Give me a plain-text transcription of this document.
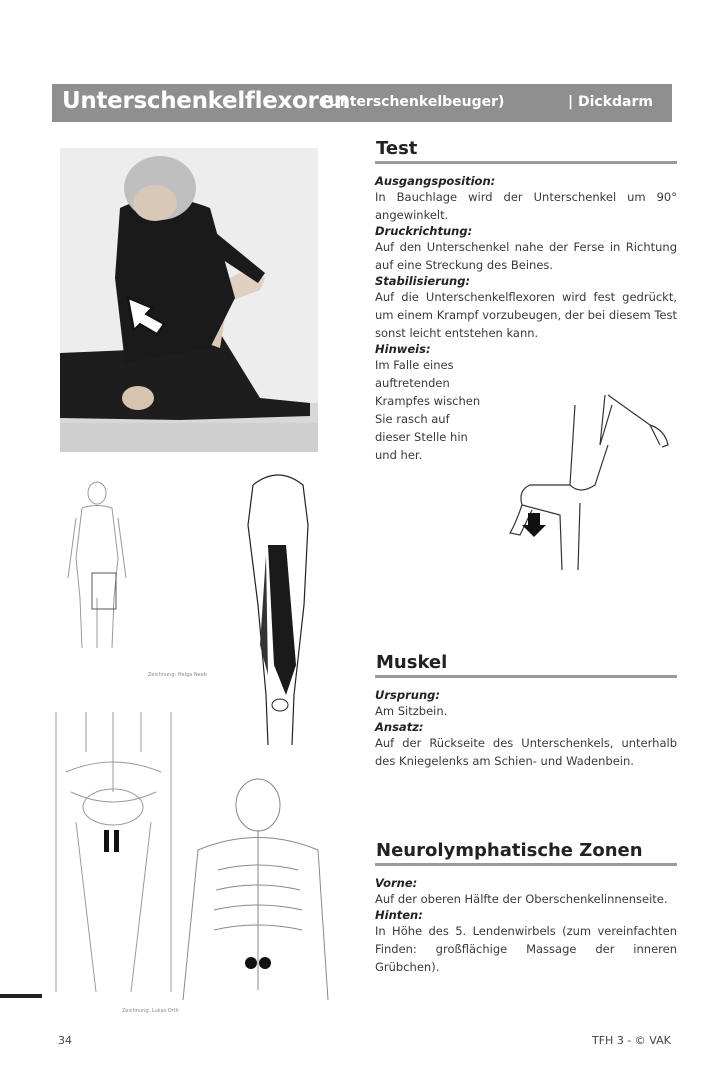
Unterschenkelflexoren
(Unterschenkelbeuger)	| Dickdarm
Test
Ausgangsposition:
In Bauchlage wird der Unterschenkel um 90° angewinkelt.
Druckrichtung:
Auf den Unterschenkel nahe der Ferse in Richtung auf eine Streckung des Beines.
Stabilisierung:
Auf die Unterschenkelflexoren wird fest gedrückt, um einem Krampf vorzubeugen, der bei diesem Test sonst leicht entstehen kann.
Hinweis:
Im Falle eines
auftretenden
Krampfes wischen
Sie rasch auf
dieser Stelle hin
und her.
Zeichnung: Helga Neeb
Zeichnung: Lukas Orth
Muskel
Ursprung:
Am Sitzbein.
Ansatz:
Auf der Rückseite des Unterschenkels, unterhalb des Kniegelenks am Schien- und Wadenbein.
Neurolymphatische Zonen
Vorne:
Auf der oberen Hälfte der Oberschenkelinnenseite.
Hinten:
In Höhe des 5. Lendenwirbels (zum vereinfachten Finden: großflächige Massage der inneren Grübchen).
34	TFH 3 - © VAK
